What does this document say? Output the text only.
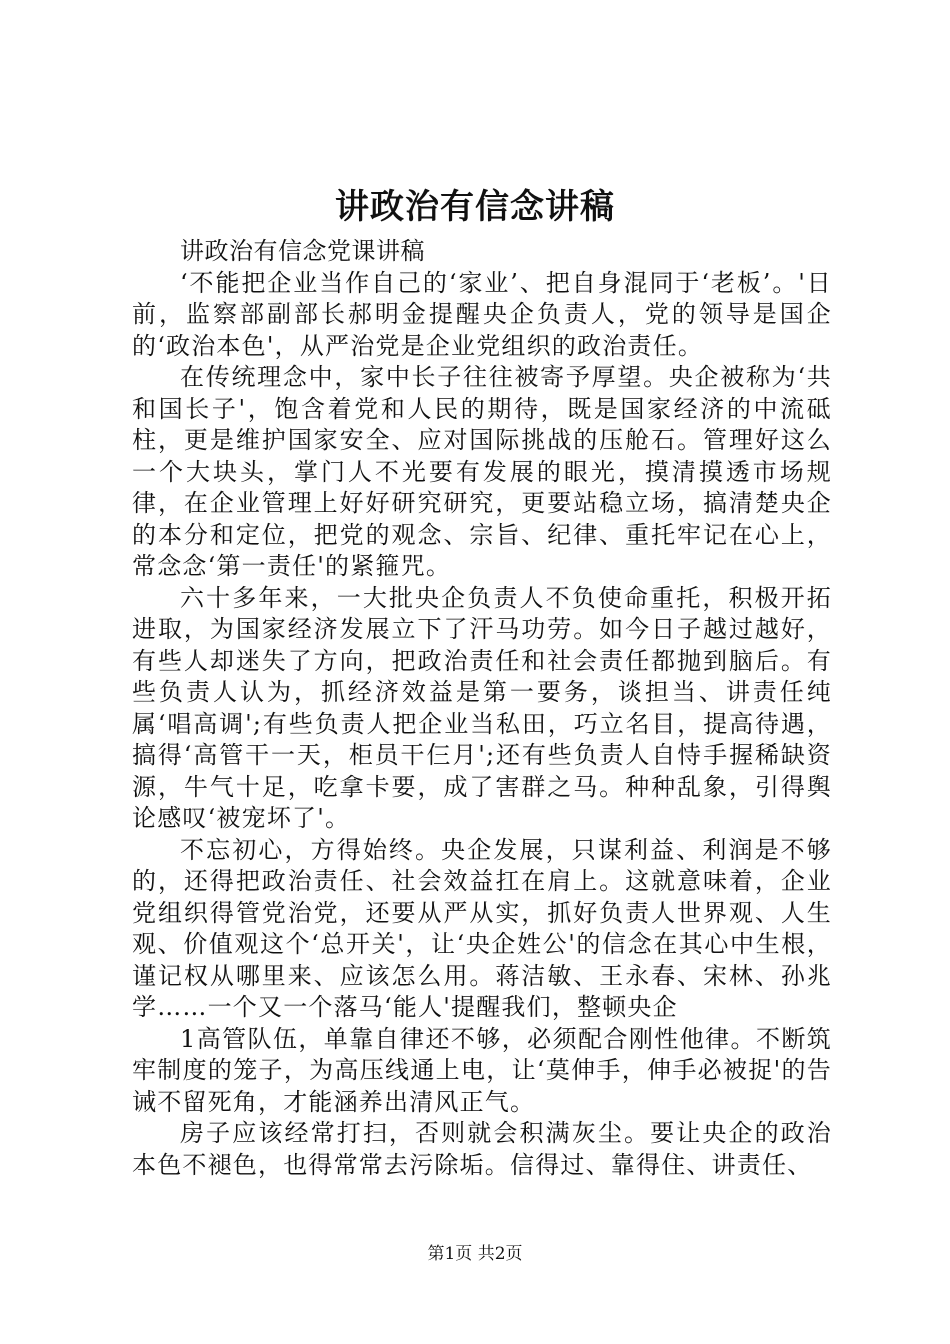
讲政治有信念讲稿

讲政治有信念党课讲稿

‘不能把企业当作自己的‘家业’、把自身混同于‘老板’。'日前，监察部副部长郝明金提醒央企负责人，党的领导是国企的‘政治本色'，从严治党是企业党组织的政治责任。

在传统理念中，家中长子往往被寄予厚望。央企被称为‘共和国长子'，饱含着党和人民的期待，既是国家经济的中流砥柱，更是维护国家安全、应对国际挑战的压舱石。管理好这么一个大块头，掌门人不光要有发展的眼光，摸清摸透市场规律，在企业管理上好好研究研究，更要站稳立场，搞清楚央企的本分和定位，把党的观念、宗旨、纪律、重托牢记在心上，常念念‘第一责任'的紧箍咒。

六十多年来，一大批央企负责人不负使命重托，积极开拓进取，为国家经济发展立下了汗马功劳。如今日子越过越好，有些人却迷失了方向，把政治责任和社会责任都抛到脑后。有些负责人认为，抓经济效益是第一要务，谈担当、讲责任纯属‘唱高调';有些负责人把企业当私田，巧立名目，提高待遇，搞得‘高管干一天，柜员干仨月';还有些负责人自恃手握稀缺资源，牛气十足，吃拿卡要，成了害群之马。种种乱象，引得舆论感叹‘被宠坏了'。

不忘初心，方得始终。央企发展，只谋利益、利润是不够的，还得把政治责任、社会效益扛在肩上。这就意味着，企业党组织得管党治党，还要从严从实，抓好负责人世界观、人生观、价值观这个‘总开关'，让‘央企姓公'的信念在其心中生根，谨记权从哪里来、应该怎么用。蒋洁敏、王永春、宋林、孙兆学……一个又一个落马‘能人'提醒我们，整顿央企

1高管队伍，单靠自律还不够，必须配合刚性他律。不断筑牢制度的笼子，为高压线通上电，让‘莫伸手，伸手必被捉'的告诫不留死角，才能涵养出清风正气。

房子应该经常打扫，否则就会积满灰尘。要让央企的政治本色不褪色，也得常常去污除垢。信得过、靠得住、讲责任、

第1页 共2页
